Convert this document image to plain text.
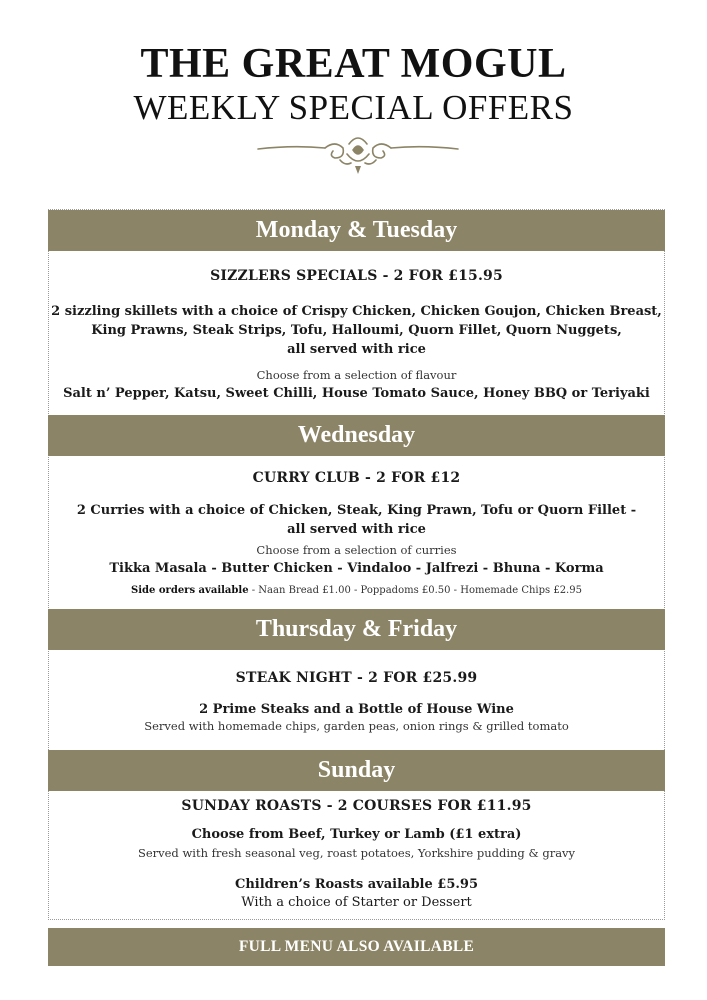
THE GREAT MOGUL
WEEKLY SPECIAL OFFERS
Monday & Tuesday
SIZZLERS SPECIALS - 2 FOR £15.95
2 sizzling skillets with a choice of Crispy Chicken, Chicken Goujon, Chicken Breast,
King Prawns, Steak Strips, Tofu, Halloumi, Quorn Fillet, Quorn Nuggets,
all served with rice
Choose from a selection of flavour
Salt n’ Pepper, Katsu, Sweet Chilli, House Tomato Sauce, Honey BBQ or Teriyaki
Wednesday
CURRY CLUB - 2 FOR £12
2 Curries with a choice of Chicken, Steak, King Prawn, Tofu or Quorn Fillet -
all served with rice
Choose from a selection of curries
Tikka Masala - Butter Chicken - Vindaloo - Jalfrezi - Bhuna - Korma
Side orders available - Naan Bread £1.00 - Poppadoms £0.50 - Homemade Chips £2.95
Thursday & Friday
STEAK NIGHT - 2 FOR £25.99
2 Prime Steaks and a Bottle of House Wine
Served with homemade chips, garden peas, onion rings & grilled tomato
Sunday
SUNDAY ROASTS - 2 COURSES FOR £11.95
Choose from Beef, Turkey or Lamb (£1 extra)
Served with fresh seasonal veg, roast potatoes, Yorkshire pudding & gravy
Children’s Roasts available £5.95
With a choice of Starter or Dessert
FULL MENU ALSO AVAILABLE
